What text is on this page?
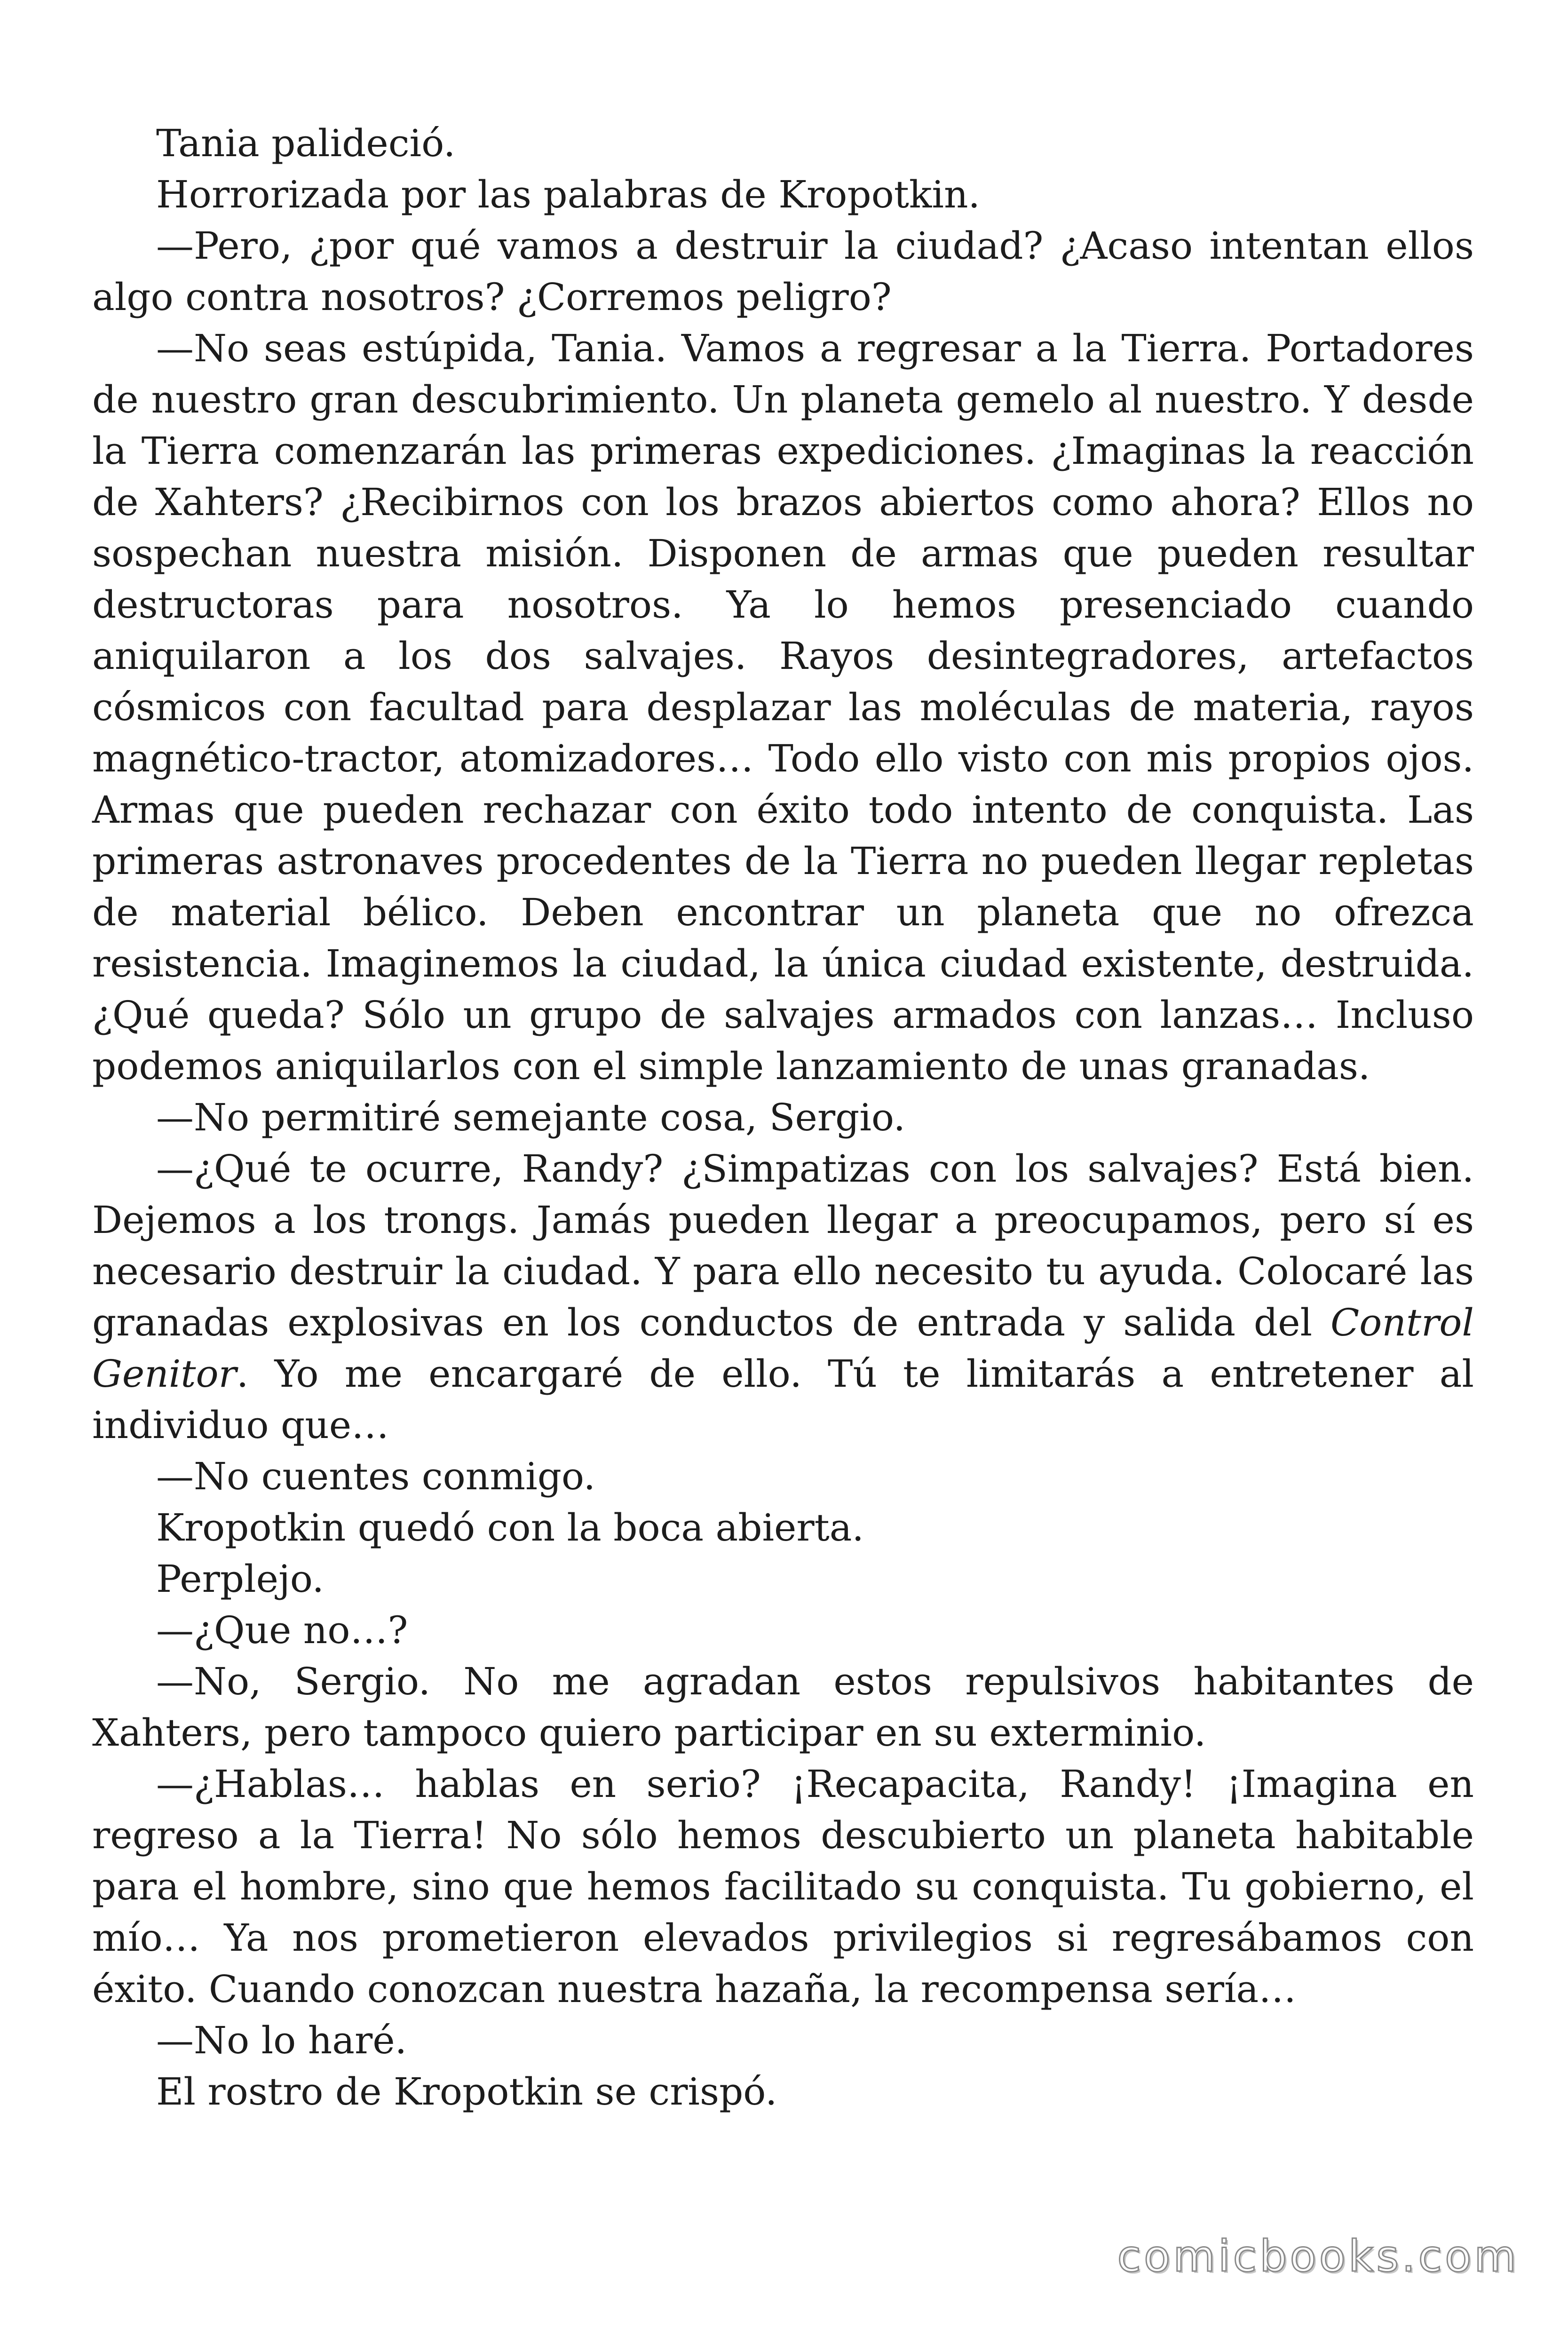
Tania palideció.

Horrorizada por las palabras de Kropotkin.

—Pero, ¿por qué vamos a destruir la ciudad? ¿Acaso intentan ellos algo contra nosotros? ¿Corremos peligro?

—No seas estúpida, Tania. Vamos a regresar a la Tierra. Portadores de nuestro gran descubrimiento. Un planeta gemelo al nuestro. Y desde la Tierra comenzarán las primeras expediciones. ¿Imaginas la reacción de Xahters? ¿Recibirnos con los brazos abiertos como ahora? Ellos no sospechan nuestra misión. Disponen de armas que pueden resultar destructoras para nosotros. Ya lo hemos presenciado cuando aniquilaron a los dos salvajes. Rayos desintegradores, artefactos cósmicos con facultad para desplazar las moléculas de materia, rayos magnético-tractor, atomizadores… Todo ello visto con mis propios ojos. Armas que pueden rechazar con éxito todo intento de conquista. Las primeras astronaves procedentes de la Tierra no pueden llegar repletas de material bélico. Deben encontrar un planeta que no ofrezca resistencia. Imaginemos la ciudad, la única ciudad existente, destruida. ¿Qué queda? Sólo un grupo de salvajes armados con lanzas… Incluso podemos aniquilarlos con el simple lanzamiento de unas granadas.

—No permitiré semejante cosa, Sergio.

—¿Qué te ocurre, Randy? ¿Simpatizas con los salvajes? Está bien. Dejemos a los trongs. Jamás pueden llegar a preocupamos, pero sí es necesario destruir la ciudad. Y para ello necesito tu ayuda. Colocaré las granadas explosivas en los conductos de entrada y salida del Control Genitor. Yo me encargaré de ello. Tú te limitarás a entretener al individuo que…

—No cuentes conmigo.

Kropotkin quedó con la boca abierta.

Perplejo.

—¿Que no…?

—No, Sergio. No me agradan estos repulsivos habitantes de Xahters, pero tampoco quiero participar en su exterminio.

—¿Hablas… hablas en serio? ¡Recapacita, Randy! ¡Imagina en regreso a la Tierra! No sólo hemos descubierto un planeta habitable para el hombre, sino que hemos facilitado su conquista. Tu gobierno, el mío… Ya nos prometieron elevados privilegios si regresábamos con éxito. Cuando conozcan nuestra hazaña, la recompensa sería…

—No lo haré.

El rostro de Kropotkin se crispó.

comicbooks.com
